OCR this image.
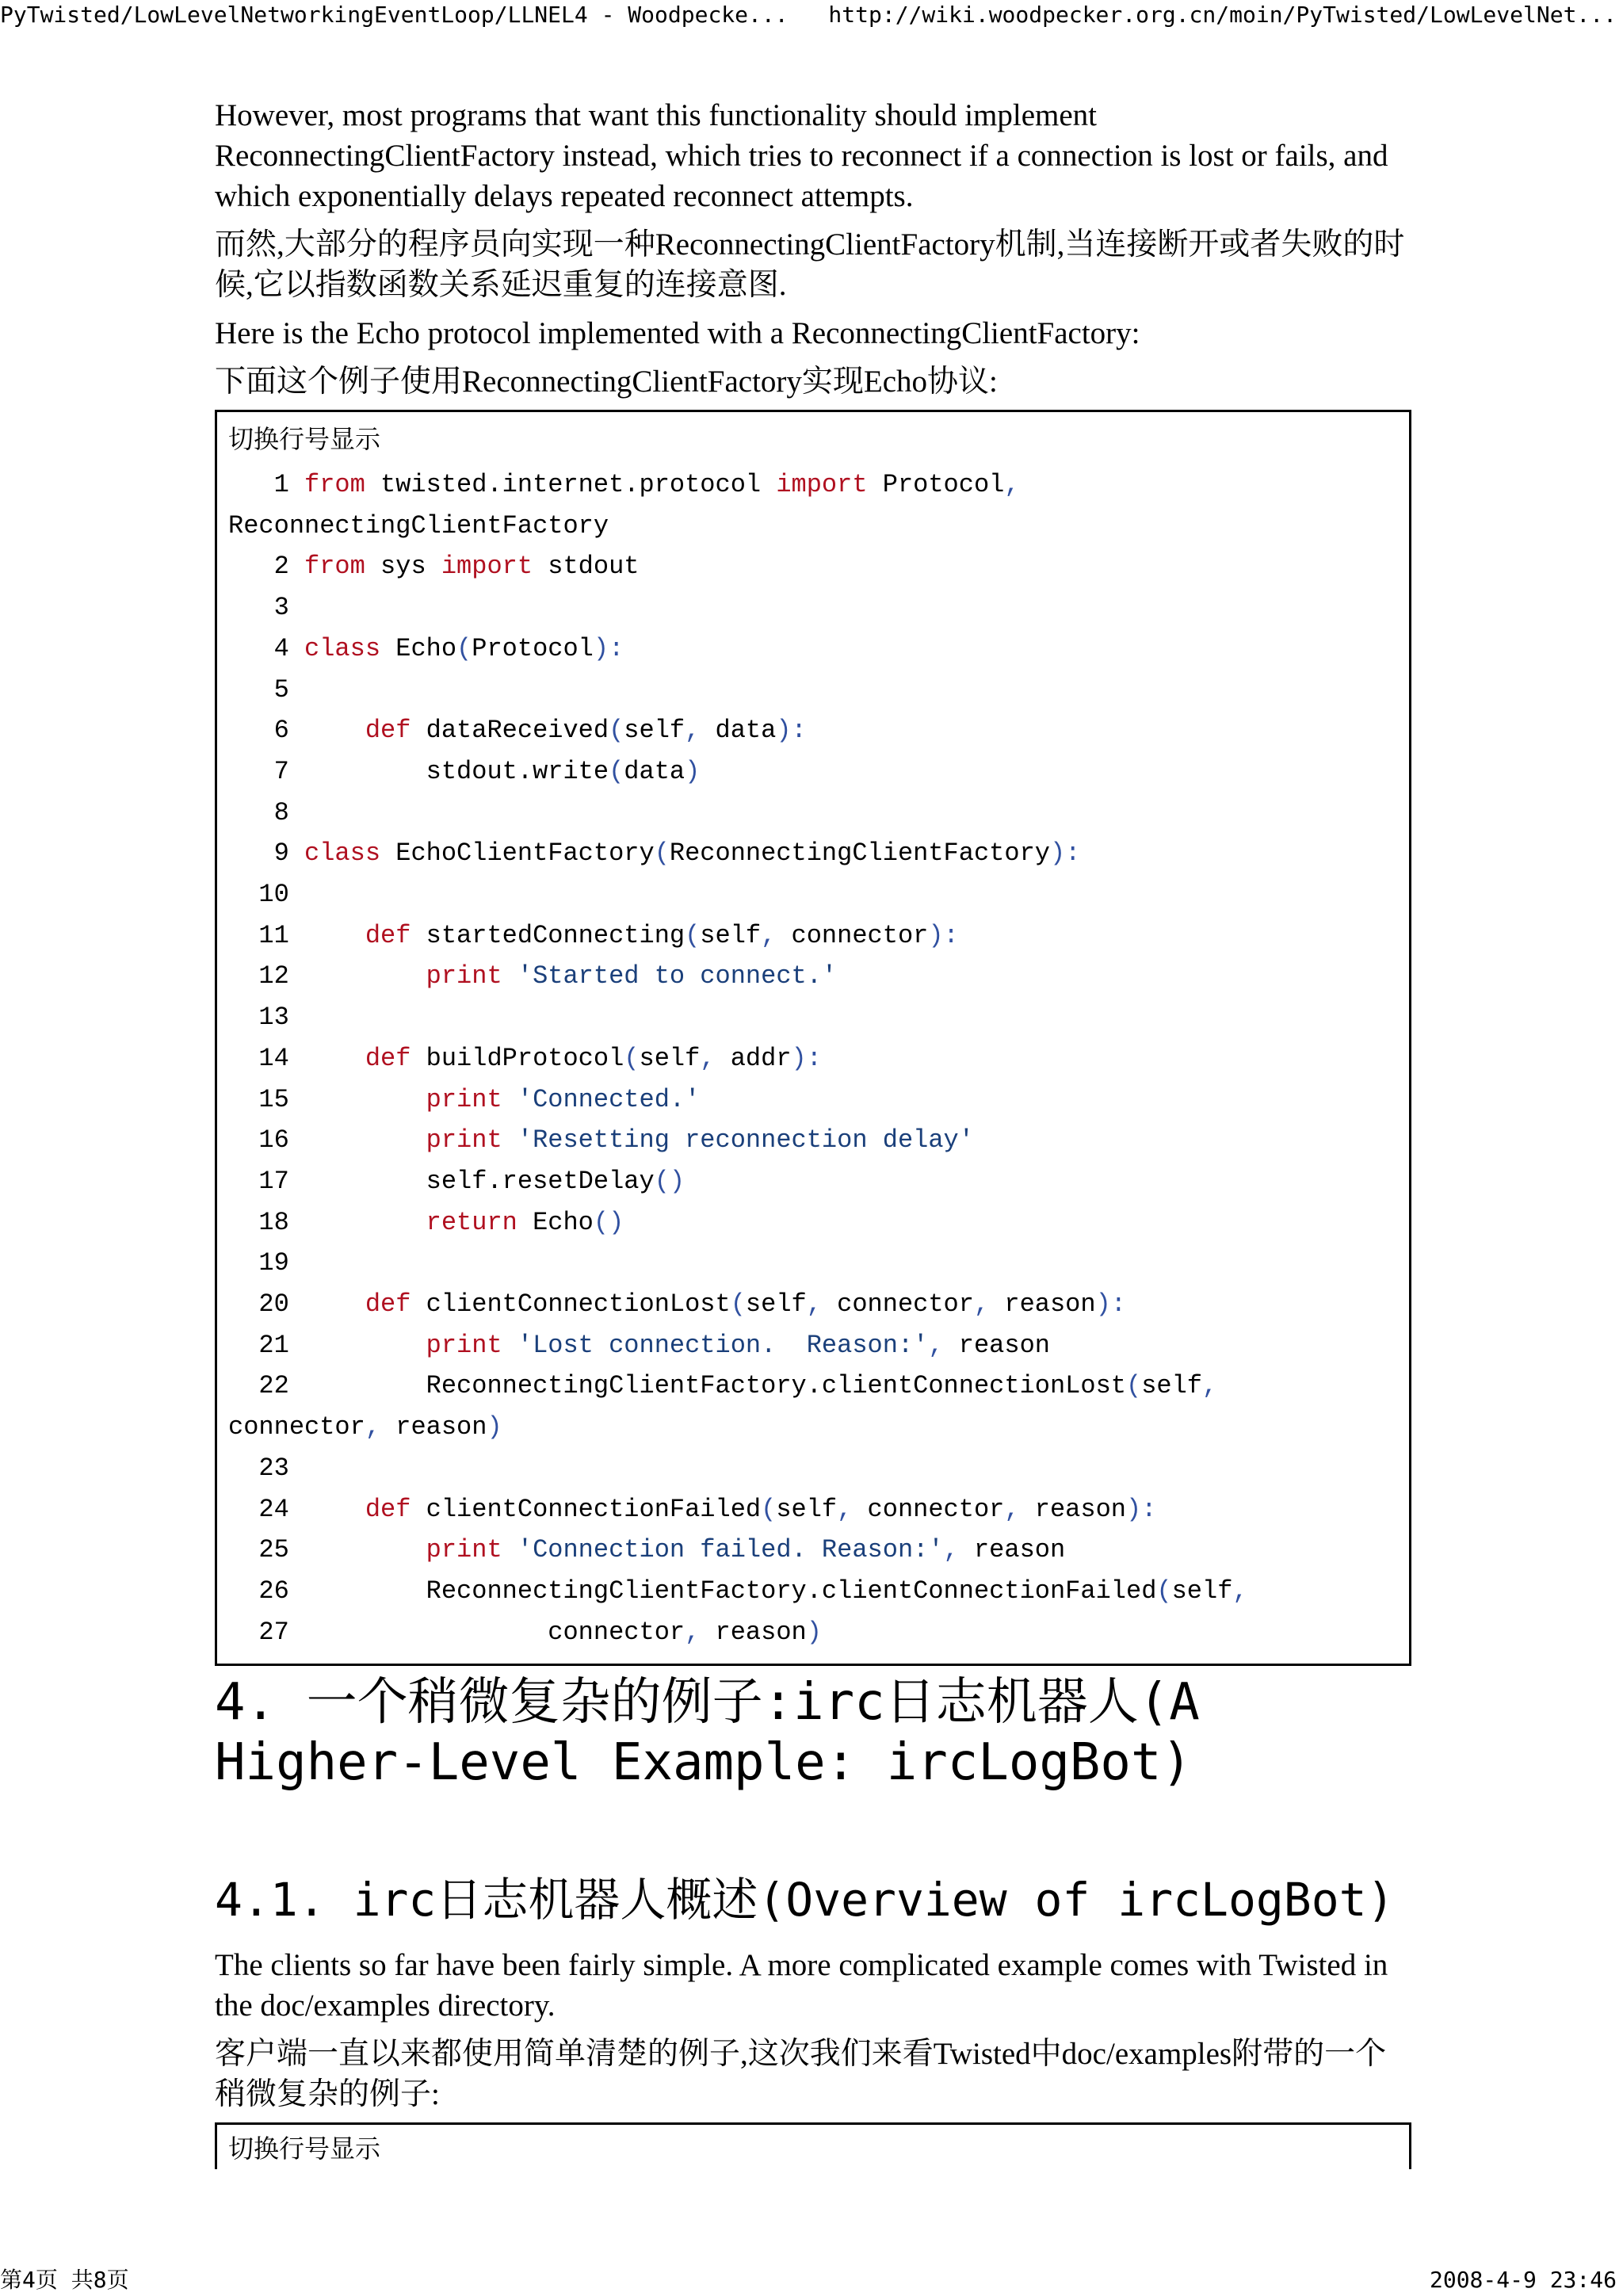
PyTwisted/LowLevelNetworkingEventLoop/LLNEL4 - Woodpecke... http://wiki.woodpecker.org.cn/moin/PyTwisted/LowLevelNet...

However, most programs that want this functionality should implement ReconnectingClientFactory instead, which tries to reconnect if a connection is lost or fails, and which exponentially delays repeated reconnect attempts.

而然,大部分的程序员向实现一种ReconnectingClientFactory机制,当连接断开或者失败的时候,它以指数函数关系延迟重复的连接意图.

Here is the Echo protocol implemented with a ReconnectingClientFactory:

下面这个例子使用ReconnectingClientFactory实现Echo协议:

切换行号显示
1 from twisted.internet.protocol import Protocol,
ReconnectingClientFactory
2 from sys import stdout
3
4 class Echo(Protocol):
5
6	def dataReceived(self, data):
7	stdout.write(data)
8
9 class EchoClientFactory(ReconnectingClientFactory):
10
11	def startedConnecting(self, connector):
12	print 'Started to connect.'
13
14	def buildProtocol(self, addr):
15	print 'Connected.'
16	print 'Resetting reconnection delay'
17	self.resetDelay()
18	return Echo()
19
20	def clientConnectionLost(self, connector, reason):
21	print 'Lost connection.  Reason:', reason
22	ReconnectingClientFactory.clientConnectionLost(self,
connector, reason)
23
24	def clientConnectionFailed(self, connector, reason):
25	print 'Connection failed. Reason:', reason
26	ReconnectingClientFactory.clientConnectionFailed(self,
27	connector, reason)
4. 一个稍微复杂的例子:irc日志机器人(A Higher-Level Example: ircLogBot)
4.1. irc日志机器人概述(Overview of ircLogBot)

The clients so far have been fairly simple. A more complicated example comes with Twisted in the doc/examples directory.

客户端一直以来都使用简单清楚的例子,这次我们来看Twisted中doc/examples附带的一个稍微复杂的例子:

切换行号显示
第4页 共8页	2008-4-9 23:46
